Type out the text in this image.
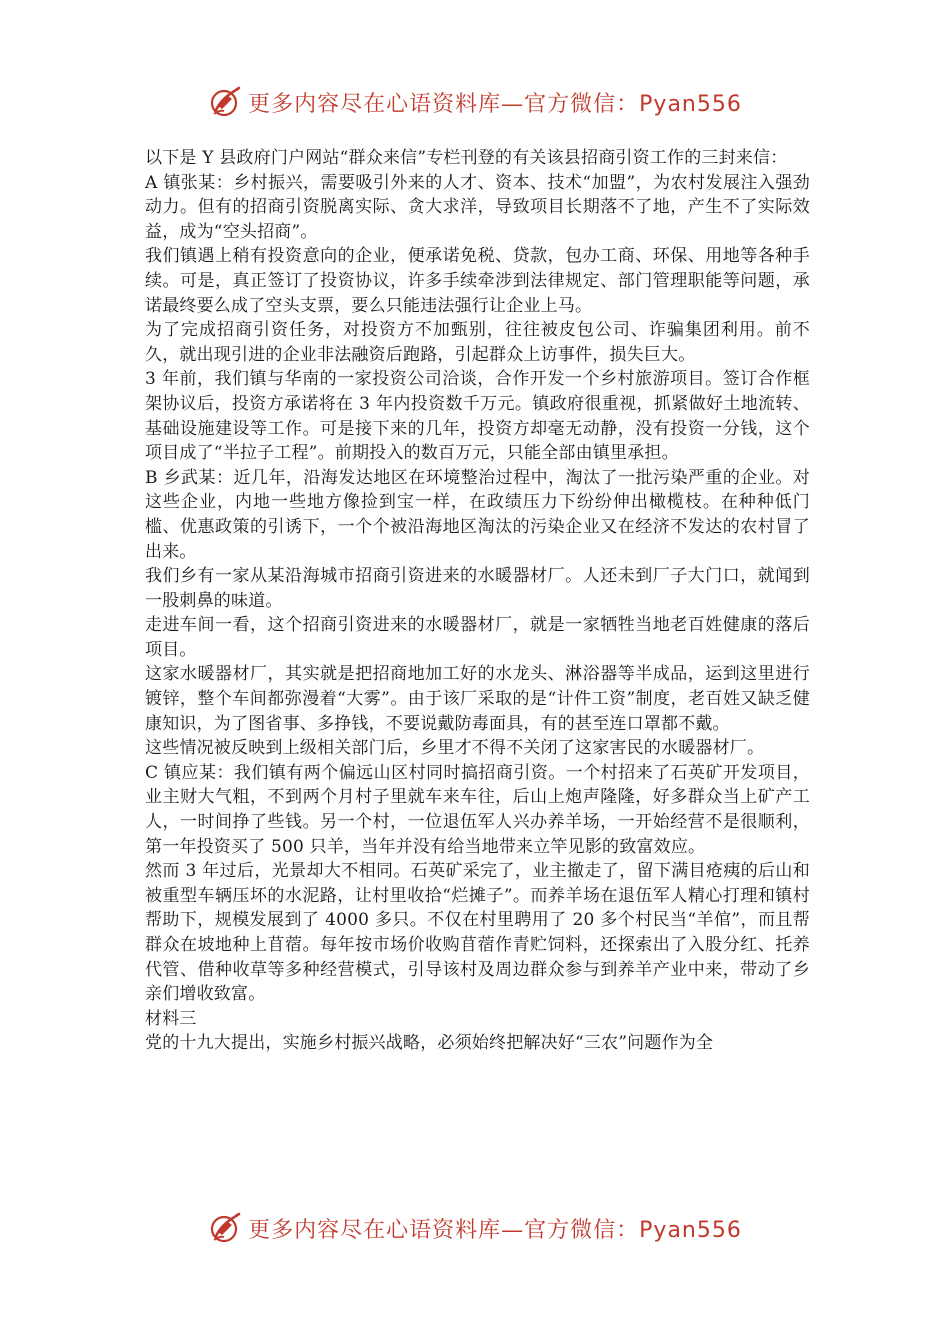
更多内容尽在心语资料库—官方微信：Pyan556

以下是 Y 县政府门户网站“群众来信”专栏刊登的有关该县招商引资工作的三封来信：

A 镇张某：乡村振兴，需要吸引外来的人才、资本、技术“加盟”，为农村发展注入强劲动力。但有的招商引资脱离实际、贪大求洋，导致项目长期落不了地，产生不了实际效益，成为“空头招商”。

我们镇遇上稍有投资意向的企业，便承诺免税、贷款，包办工商、环保、用地等各种手续。可是，真正签订了投资协议，许多手续牵涉到法律规定、部门管理职能等问题，承诺最终要么成了空头支票，要么只能违法强行让企业上马。

为了完成招商引资任务，对投资方不加甄别，往往被皮包公司、诈骗集团利用。前不久，就出现引进的企业非法融资后跑路，引起群众上访事件，损失巨大。

3 年前，我们镇与华南的一家投资公司洽谈，合作开发一个乡村旅游项目。签订合作框架协议后，投资方承诺将在 3 年内投资数千万元。镇政府很重视，抓紧做好土地流转、基础设施建设等工作。可是接下来的几年，投资方却毫无动静，没有投资一分钱，这个项目成了“半拉子工程”。前期投入的数百万元，只能全部由镇里承担。

B 乡武某：近几年，沿海发达地区在环境整治过程中，淘汰了一批污染严重的企业。对这些企业，内地一些地方像捡到宝一样，在政绩压力下纷纷伸出橄榄枝。在种种低门槛、优惠政策的引诱下，一个个被沿海地区淘汰的污染企业又在经济不发达的农村冒了出来。

我们乡有一家从某沿海城市招商引资进来的水暖器材厂。人还未到厂子大门口，就闻到一股刺鼻的味道。

走进车间一看，这个招商引资进来的水暖器材厂，就是一家牺牲当地老百姓健康的落后项目。

这家水暖器材厂，其实就是把招商地加工好的水龙头、淋浴器等半成品，运到这里进行镀锌，整个车间都弥漫着“大雾”。由于该厂采取的是“计件工资”制度，老百姓又缺乏健康知识，为了图省事、多挣钱，不要说戴防毒面具，有的甚至连口罩都不戴。

这些情况被反映到上级相关部门后，乡里才不得不关闭了这家害民的水暖器材厂。

C 镇应某：我们镇有两个偏远山区村同时搞招商引资。一个村招来了石英矿开发项目，业主财大气粗，不到两个月村子里就车来车往，后山上炮声隆隆，好多群众当上矿产工人，一时间挣了些钱。另一个村，一位退伍军人兴办养羊场，一开始经营不是很顺利，第一年投资买了 500 只羊，当年并没有给当地带来立竿见影的致富效应。

然而 3 年过后，光景却大不相同。石英矿采完了，业主撤走了，留下满目疮痍的后山和被重型车辆压坏的水泥路，让村里收拾“烂摊子”。而养羊场在退伍军人精心打理和镇村帮助下，规模发展到了 4000 多只。不仅在村里聘用了 20 多个村民当“羊倌”，而且帮群众在坡地种上苜蓿。每年按市场价收购苜蓿作青贮饲料，还探索出了入股分红、托养代管、借种收草等多种经营模式，引导该村及周边群众参与到养羊产业中来，带动了乡亲们增收致富。

材料三

党的十九大提出，实施乡村振兴战略，必须始终把解决好“三农”问题作为全

更多内容尽在心语资料库—官方微信：Pyan556
